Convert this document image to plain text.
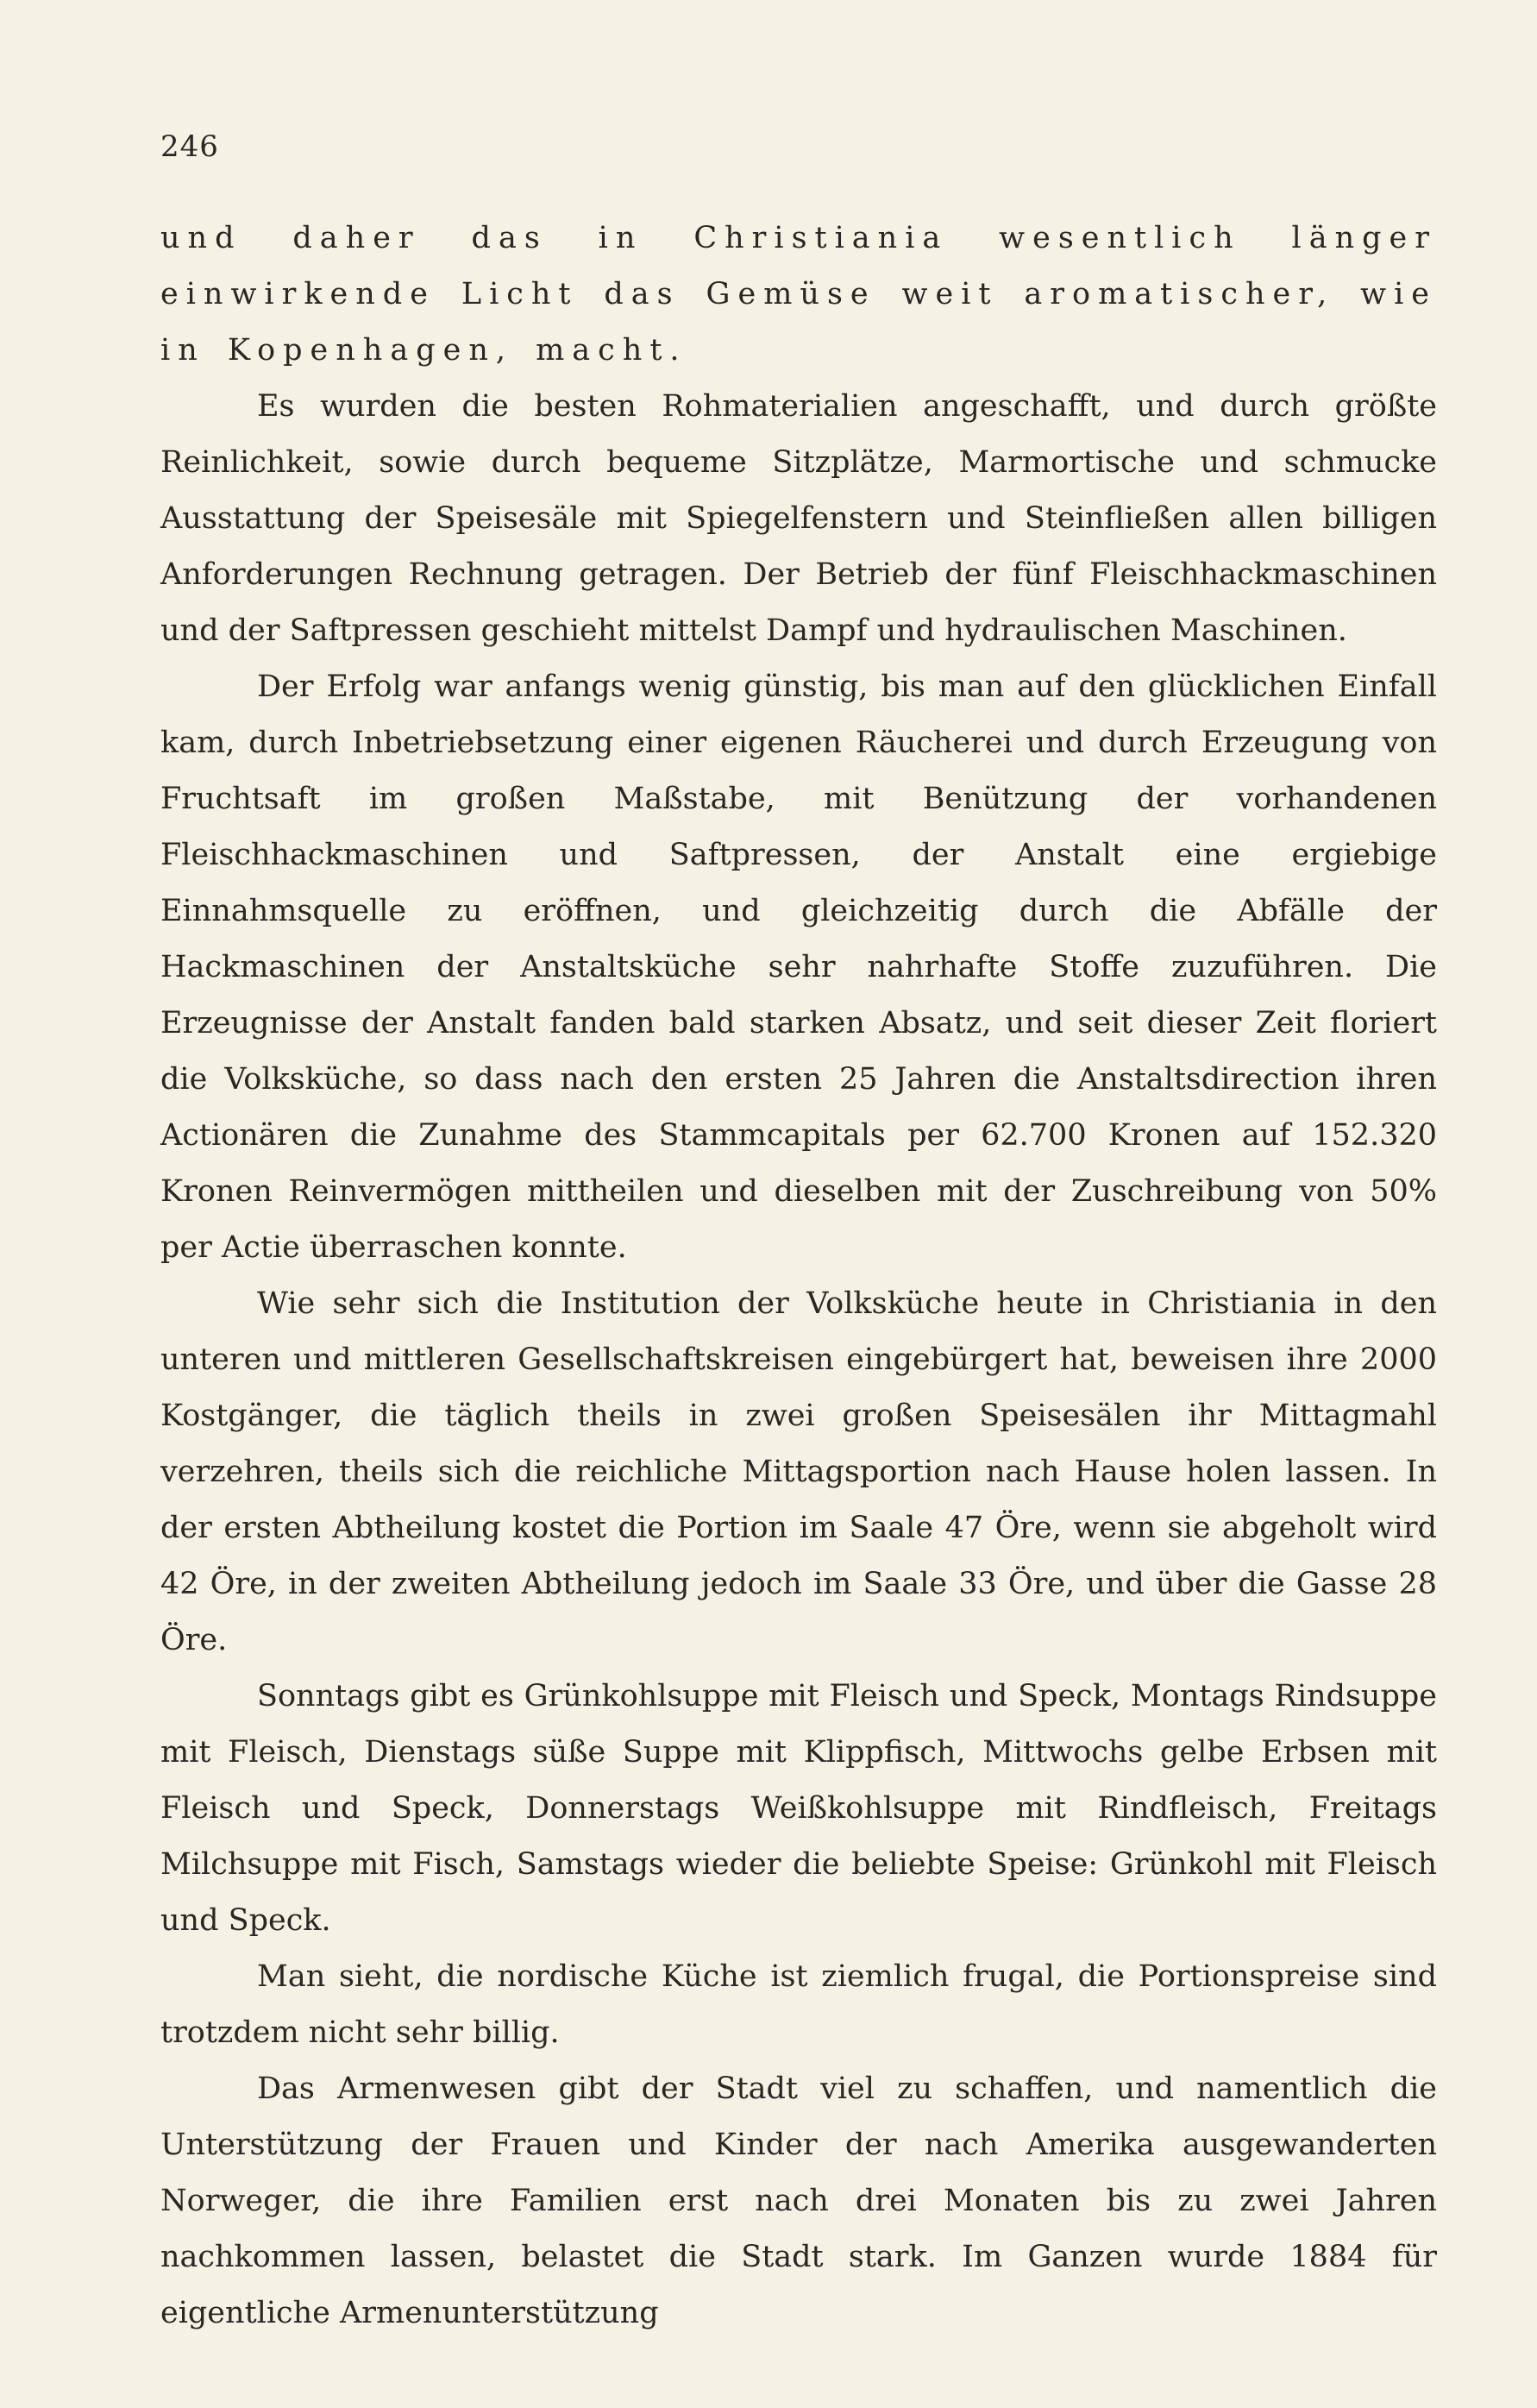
246

und daher das in Christiania wesentlich länger einwirkende Licht das Gemüse weit aromatischer, wie in Kopenhagen, macht.

Es wurden die besten Rohmaterialien angeschafft, und durch größte Reinlichkeit, sowie durch bequeme Sitzplätze, Marmortische und schmucke Ausstattung der Speisesäle mit Spiegelfenstern und Steinfließen allen billigen Anforderungen Rechnung getragen. Der Betrieb der fünf Fleischhackmaschinen und der Saftpressen geschieht mittelst Dampf und hydraulischen Maschinen.

Der Erfolg war anfangs wenig günstig, bis man auf den glücklichen Einfall kam, durch Inbetriebsetzung einer eigenen Räucherei und durch Erzeugung von Fruchtsaft im großen Maßstabe, mit Benützung der vorhandenen Fleischhackmaschinen und Saftpressen, der Anstalt eine ergiebige Einnahmsquelle zu eröffnen, und gleichzeitig durch die Abfälle der Hackmaschinen der Anstaltsküche sehr nahrhafte Stoffe zuzuführen. Die Erzeugnisse der Anstalt fanden bald starken Absatz, und seit dieser Zeit floriert die Volksküche, so dass nach den ersten 25 Jahren die Anstaltsdirection ihren Actionären die Zunahme des Stammcapitals per 62.700 Kronen auf 152.320 Kronen Reinvermögen mittheilen und dieselben mit der Zuschreibung von 50% per Actie überraschen konnte.

Wie sehr sich die Institution der Volksküche heute in Christiania in den unteren und mittleren Gesellschaftskreisen eingebürgert hat, beweisen ihre 2000 Kostgänger, die täglich theils in zwei großen Speisesälen ihr Mittagmahl verzehren, theils sich die reichliche Mittagsportion nach Hause holen lassen. In der ersten Abtheilung kostet die Portion im Saale 47 Öre, wenn sie abgeholt wird 42 Öre, in der zweiten Abtheilung jedoch im Saale 33 Öre, und über die Gasse 28 Öre.

Sonntags gibt es Grünkohlsuppe mit Fleisch und Speck, Montags Rindsuppe mit Fleisch, Dienstags süße Suppe mit Klippfisch, Mittwochs gelbe Erbsen mit Fleisch und Speck, Donnerstags Weißkohlsuppe mit Rindfleisch, Freitags Milchsuppe mit Fisch, Samstags wieder die beliebte Speise: Grünkohl mit Fleisch und Speck.

Man sieht, die nordische Küche ist ziemlich frugal, die Portionspreise sind trotzdem nicht sehr billig.

Das Armenwesen gibt der Stadt viel zu schaffen, und namentlich die Unterstützung der Frauen und Kinder der nach Amerika ausgewanderten Norweger, die ihre Familien erst nach drei Monaten bis zu zwei Jahren nachkommen lassen, belastet die Stadt stark. Im Ganzen wurde 1884 für eigentliche Armenunterstützung
